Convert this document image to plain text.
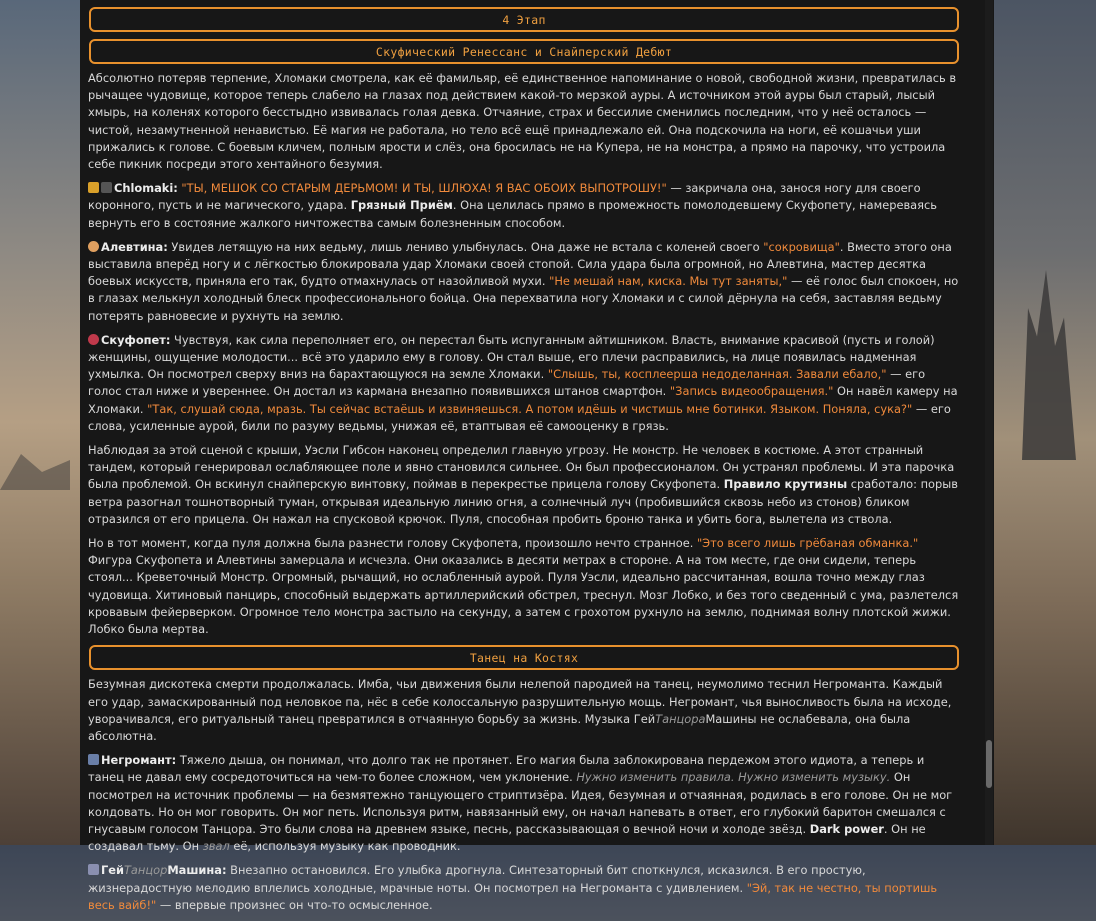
4 Этап
Скуфический Ренессанс и Снайперский Дебют

Абсолютно потеряв терпение, Хломаки смотрела, как её фамильяр, её единственное напоминание о новой, свободной жизни, превратилась в рычащее чудовище, которое теперь слабело на глазах под действием какой-то мерзкой ауры. А источником этой ауры был старый, лысый хмырь, на коленях которого бесстыдно извивалась голая девка. Отчаяние, страх и бессилие сменились последним, что у неё осталось — чистой, незамутненной ненавистью. Её магия не работала, но тело всё ещё принадлежало ей. Она подскочила на ноги, её кошачьи уши прижались к голове. С боевым кличем, полным ярости и слёз, она бросилась не на Купера, не на монстра, а прямо на парочку, что устроила себе пикник посреди этого хентайного безумия.

Chlomaki: "ТЫ, МЕШОК СО СТАРЫМ ДЕРЬМОМ! И ТЫ, ШЛЮХА! Я ВАС ОБОИХ ВЫПОТРОШУ!" — закричала она, занося ногу для своего коронного, пусть и не магического, удара. Грязный Приём. Она целилась прямо в промежность помолодевшему Скуфопету, намереваясь вернуть его в состояние жалкого ничтожества самым болезненным способом.

Алевтина: Увидев летящую на них ведьму, лишь лениво улыбнулась. Она даже не встала с коленей своего "сокровища". Вместо этого она выставила вперёд ногу и с лёгкостью блокировала удар Хломаки своей стопой. Сила удара была огромной, но Алевтина, мастер десятка боевых искусств, приняла его так, будто отмахнулась от назойливой мухи. "Не мешай нам, киска. Мы тут заняты," — её голос был спокоен, но в глазах мелькнул холодный блеск профессионального бойца. Она перехватила ногу Хломаки и с силой дёрнула на себя, заставляя ведьму потерять равновесие и рухнуть на землю.

Скуфопет: Чувствуя, как сила переполняет его, он перестал быть испуганным айтишником. Власть, внимание красивой (пусть и голой) женщины, ощущение молодости... всё это ударило ему в голову. Он стал выше, его плечи расправились, на лице появилась надменная ухмылка. Он посмотрел сверху вниз на барахтающуюся на земле Хломаки. "Слышь, ты, косплеерша недоделанная. Завали ебало," — его голос стал ниже и увереннее. Он достал из кармана внезапно появившихся штанов смартфон. "Запись видеообращения." Он навёл камеру на Хломаки. "Так, слушай сюда, мразь. Ты сейчас встаёшь и извиняешься. А потом идёшь и чистишь мне ботинки. Языком. Поняла, сука?" — его слова, усиленные аурой, били по разуму ведьмы, унижая её, втаптывая её самооценку в грязь.

Наблюдая за этой сценой с крыши, Уэсли Гибсон наконец определил главную угрозу. Не монстр. Не человек в костюме. А этот странный тандем, который генерировал ослабляющее поле и явно становился сильнее. Он был профессионалом. Он устранял проблемы. И эта парочка была проблемой. Он вскинул снайперскую винтовку, поймав в перекрестье прицела голову Скуфопета. Правило крутизны сработало: порыв ветра разогнал тошнотворный туман, открывая идеальную линию огня, а солнечный луч (пробившийся сквозь небо из стонов) бликом отразился от его прицела. Он нажал на спусковой крючок. Пуля, способная пробить броню танка и убить бога, вылетела из ствола.

Но в тот момент, когда пуля должна была разнести голову Скуфопета, произошло нечто странное. "Это всего лишь грёбаная обманка." Фигура Скуфопета и Алевтины замерцала и исчезла. Они оказались в десяти метрах в стороне. А на том месте, где они сидели, теперь стоял... Креветочный Монстр. Огромный, рычащий, но ослабленный аурой. Пуля Уэсли, идеально рассчитанная, вошла точно между глаз чудовища. Хитиновый панцирь, способный выдержать артиллерийский обстрел, треснул. Мозг Лобко, и без того сведенный с ума, разлетелся кровавым фейерверком. Огромное тело монстра застыло на секунду, а затем с грохотом рухнуло на землю, поднимая волну плотской жижи. Лобко была мертва.

Танец на Костях

Безумная дискотека смерти продолжалась. Имба, чьи движения были нелепой пародией на танец, неумолимо теснил Негроманта. Каждый его удар, замаскированный под неловкое па, нёс в себе колоссальную разрушительную мощь. Негромант, чья выносливость была на исходе, уворачивался, его ритуальный танец превратился в отчаянную борьбу за жизнь. Музыка ГейТанцораМашины не ослабевала, она была абсолютна.

Негромант: Тяжело дыша, он понимал, что долго так не протянет. Его магия была заблокирована пердежом этого идиота, а теперь и танец не давал ему сосредоточиться на чем-то более сложном, чем уклонение. Нужно изменить правила. Нужно изменить музыку. Он посмотрел на источник проблемы — на безмятежно танцующего стриптизёра. Идея, безумная и отчаянная, родилась в его голове. Он не мог колдовать. Но он мог говорить. Он мог петь. Используя ритм, навязанный ему, он начал напевать в ответ, его глубокий баритон смешался с гнусавым голосом Танцора. Это были слова на древнем языке, песнь, рассказывающая о вечной ночи и холоде звёзд. Dark power. Он не создавал тьму. Он звал её, используя музыку как проводник.

ГейТанцорМашина: Внезапно остановился. Его улыбка дрогнула. Синтезаторный бит споткнулся, исказился. В его простую, жизнерадостную мелодию вплелись холодные, мрачные ноты. Он посмотрел на Негроманта с удивлением. "Эй, так не честно, ты портишь весь вайб!" — впервые произнес он что-то осмысленное.
